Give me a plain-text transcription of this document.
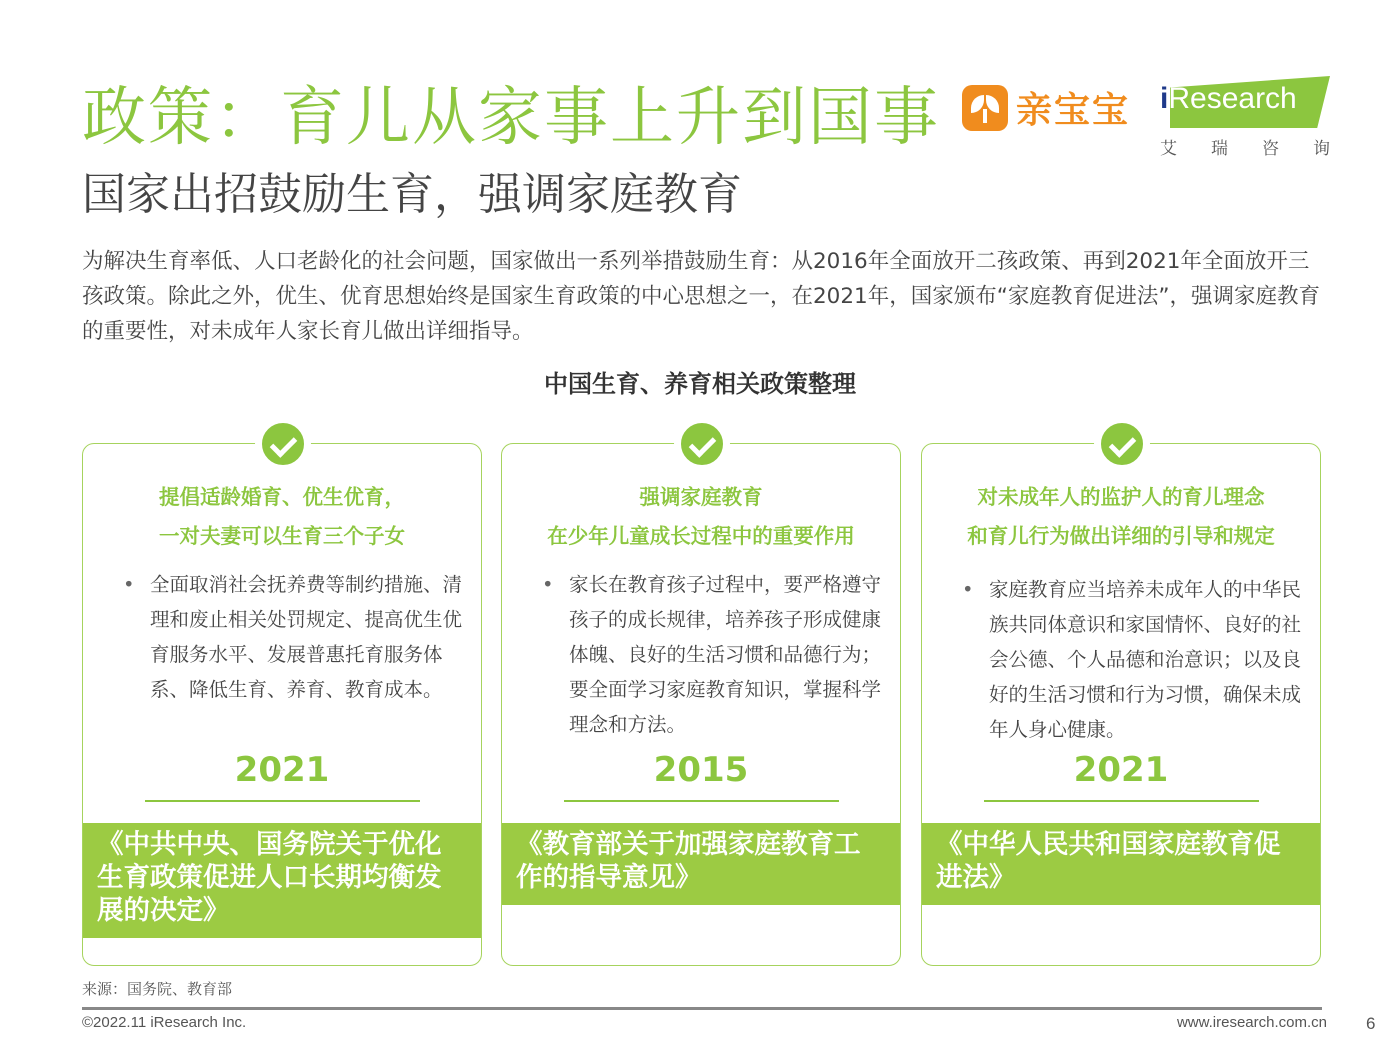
政策：育儿从家事上升到国事
国家出招鼓励生育，强调家庭教育
亲宝宝 iResearch
艾 瑞 咨 询

为解决生育率低、人口老龄化的社会问题，国家做出一系列举措鼓励生育：从2016年全面放开二孩政策、再到2021年全面放开三孩政策。除此之外，优生、优育思想始终是国家生育政策的中心思想之一，在2021年，国家颁布“家庭教育促进法”，强调家庭教育的重要性，对未成年人家长育儿做出详细指导。

中国生育、养育相关政策整理
提倡适龄婚育、优生优育，
一对夫妻可以生育三个子女
• 全面取消社会抚养费等制约措施、清理和废止相关处罚规定、提高优生优育服务水平、发展普惠托育服务体系、降低生育、养育、教育成本。
2021
《中共中央、国务院关于优化生育政策促进人口长期均衡发展的决定》
强调家庭教育
在少年儿童成长过程中的重要作用
• 家长在教育孩子过程中，要严格遵守孩子的成长规律，培养孩子形成健康体魄、良好的生活习惯和品德行为；要全面学习家庭教育知识，掌握科学理念和方法。
2015
《教育部关于加强家庭教育工作的指导意见》
对未成年人的监护人的育儿理念
和育儿行为做出详细的引导和规定
• 家庭教育应当培养未成年人的中华民族共同体意识和家国情怀、良好的社会公德、个人品德和治意识；以及良好的生活习惯和行为习惯，确保未成年人身心健康。
2021
《中华人民共和国家庭教育促进法》
来源：国务院、教育部
©2022.11 iResearch Inc.	www.iresearch.com.cn 6
